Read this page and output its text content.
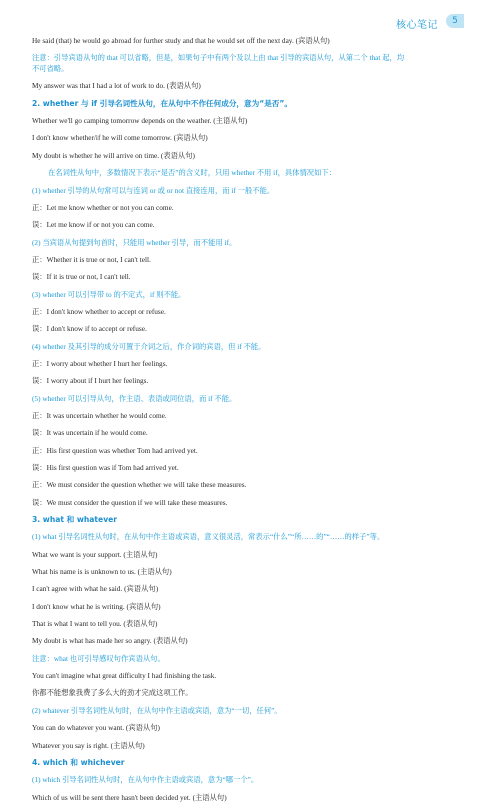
核心笔记	5
He said (that) he would go abroad for further study and that he would set off the next day. (宾语从句)
注意：引导宾语从句的 that 可以省略，但是，如果句子中有两个及以上由 that 引导的宾语从句，从第二个 that 起，均
不可省略。
My answer was that I had a lot of work to do. (表语从句)
2. whether 与 if 引导名词性从句，在从句中不作任何成分，意为“是否”。
Whether we'll go camping tomorrow depends on the weather. (主语从句)
I don't know whether/if he will come tomorrow. (宾语从句)
My doubt is whether he will arrive on time. (表语从句)
在名词性从句中，多数情况下表示“是否”的含义时，只用 whether 不用 if，具体情况如下：
(1) whether 引导的从句常可以与连词 or 或 or not 直接连用，而 if 一般不能。
正：Let me know whether or not you can come.
误：Let me know if or not you can come.
(2) 当宾语从句提到句首时，只能用 whether 引导，而不能用 if。
正：Whether it is true or not, I can't tell.
误：If it is true or not, I can't tell.
(3) whether 可以引导带 to 的不定式，if 则不能。
正：I don't know whether to accept or refuse.
误：I don't know if to accept or refuse.
(4) whether 及其引导的成分可置于介词之后，作介词的宾语，但 if 不能。
正：I worry about whether I hurt her feelings.
误：I worry about if I hurt her feelings.
(5) whether 可以引导从句，作主语、表语或同位语，而 if 不能。
正：It was uncertain whether he would come.
误：It was uncertain if he would come.
正：His first question was whether Tom had arrived yet.
误：His first question was if Tom had arrived yet.
正：We must consider the question whether we will take these measures.
误：We must consider the question if we will take these measures.
3. what 和 whatever
(1) what 引导名词性从句时，在从句中作主语或宾语，意义很灵活，常表示“什么”“所……的”“……的样子”等。
What we want is your support. (主语从句)
What his name is is unknown to us. (主语从句)
I can't agree with what he said. (宾语从句)
I don't know what he is writing. (宾语从句)
That is what I want to tell you. (表语从句)
My doubt is what has made her so angry. (表语从句)
注意：what 也可引导感叹句作宾语从句。
You can't imagine what great difficulty I had finishing the task.
你都不能想象我费了多么大的劲才完成这项工作。
(2) whatever 引导名词性从句时，在从句中作主语或宾语，意为“一切，任何”。
You can do whatever you want. (宾语从句)
Whatever you say is right. (主语从句)
4. which 和 whichever
(1) which 引导名词性从句时，在从句中作主语或宾语，意为“哪一个”。
Which of us will be sent there hasn't been decided yet. (主语从句)
